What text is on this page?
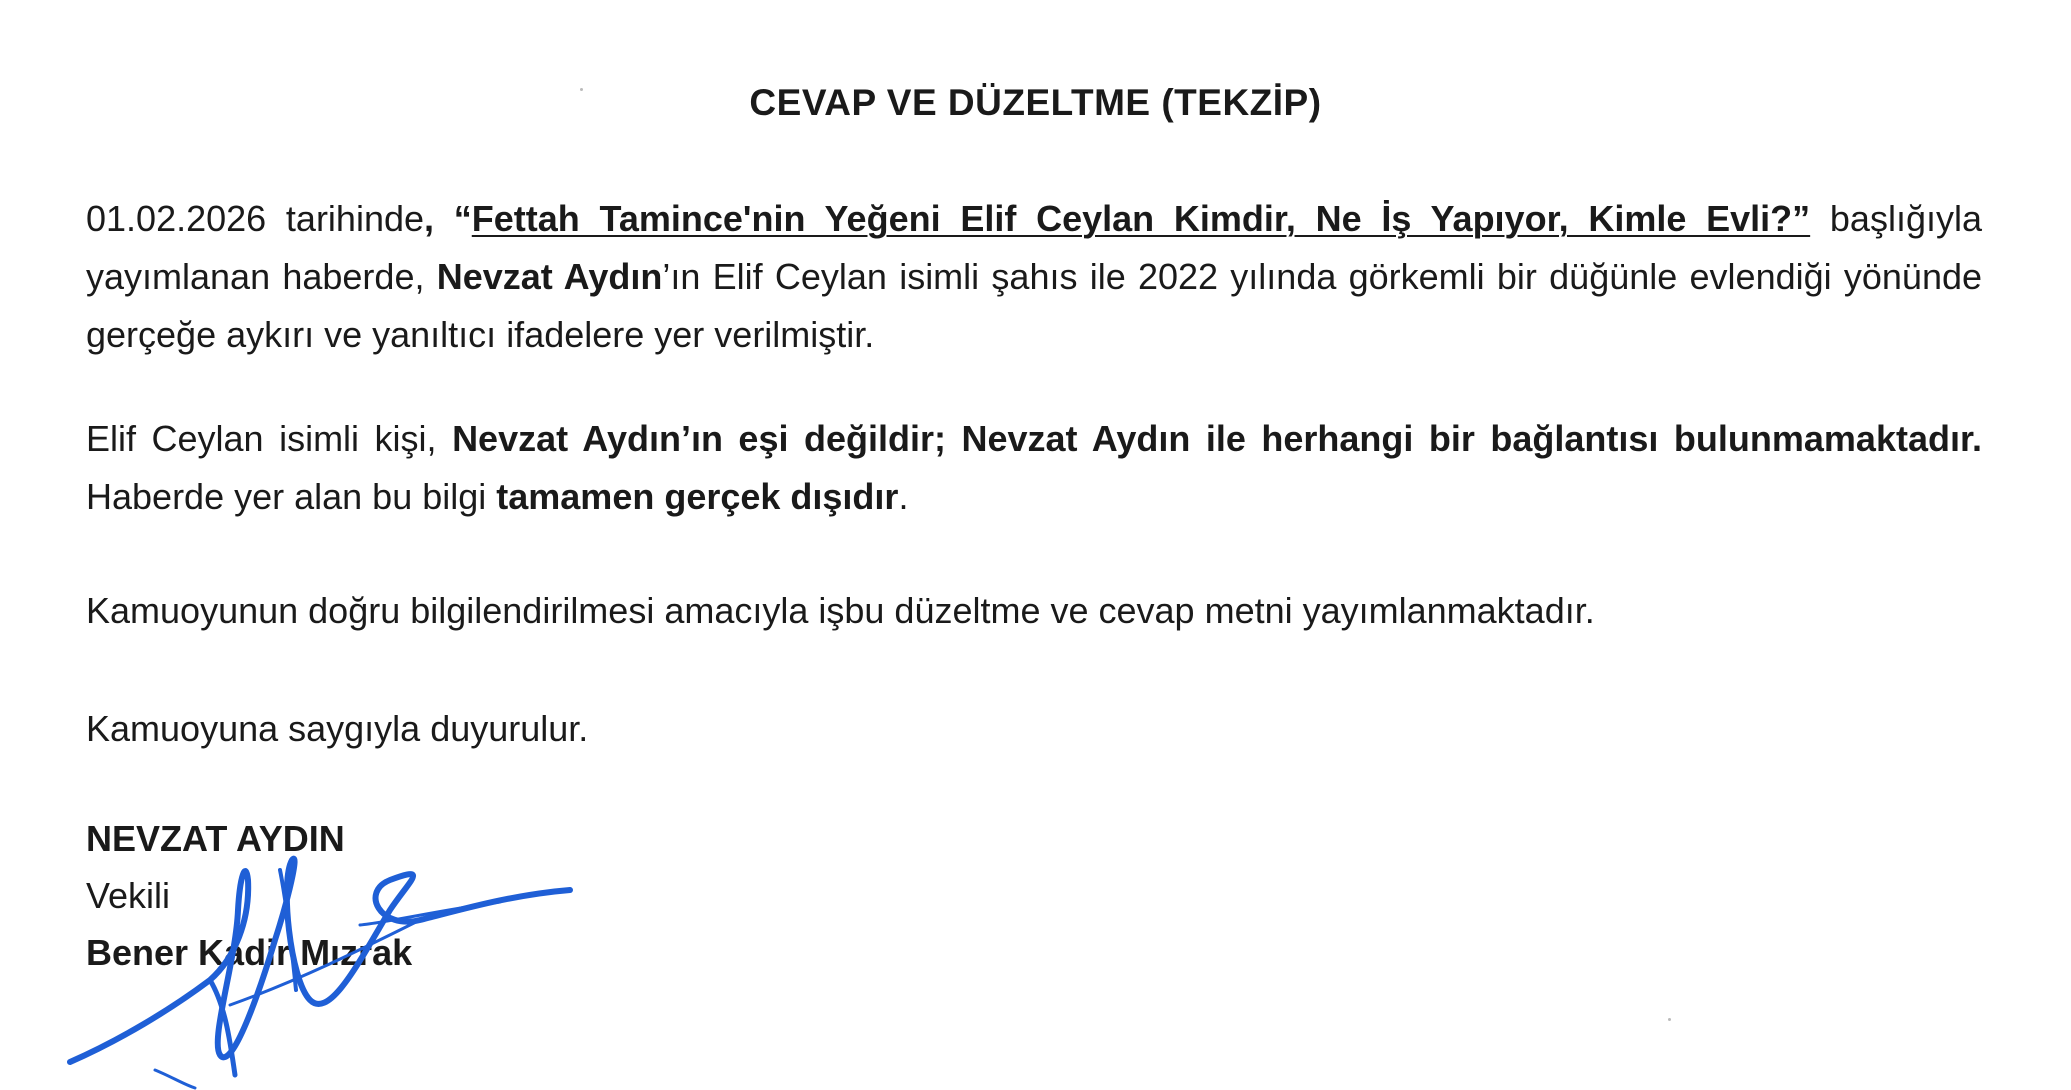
CEVAP VE DÜZELTME (TEKZİP)

01.02.2026 tarihinde, “Fettah Tamince'nin Yeğeni Elif Ceylan Kimdir, Ne İş Yapıyor, Kimle Evli?” başlığıyla yayımlanan haberde, Nevzat Aydın’ın Elif Ceylan isimli şahıs ile 2022 yılında görkemli bir düğünle evlendiği yönünde gerçeğe aykırı ve yanıltıcı ifadelere yer verilmiştir.

Elif Ceylan isimli kişi, Nevzat Aydın’ın eşi değildir; Nevzat Aydın ile herhangi bir bağlantısı bulunmamaktadır. Haberde yer alan bu bilgi tamamen gerçek dışıdır.

Kamuoyunun doğru bilgilendirilmesi amacıyla işbu düzeltme ve cevap metni yayımlanmaktadır.

Kamuoyuna saygıyla duyurulur.

NEVZAT AYDIN
Vekili
Bener Kadir Mızrak
